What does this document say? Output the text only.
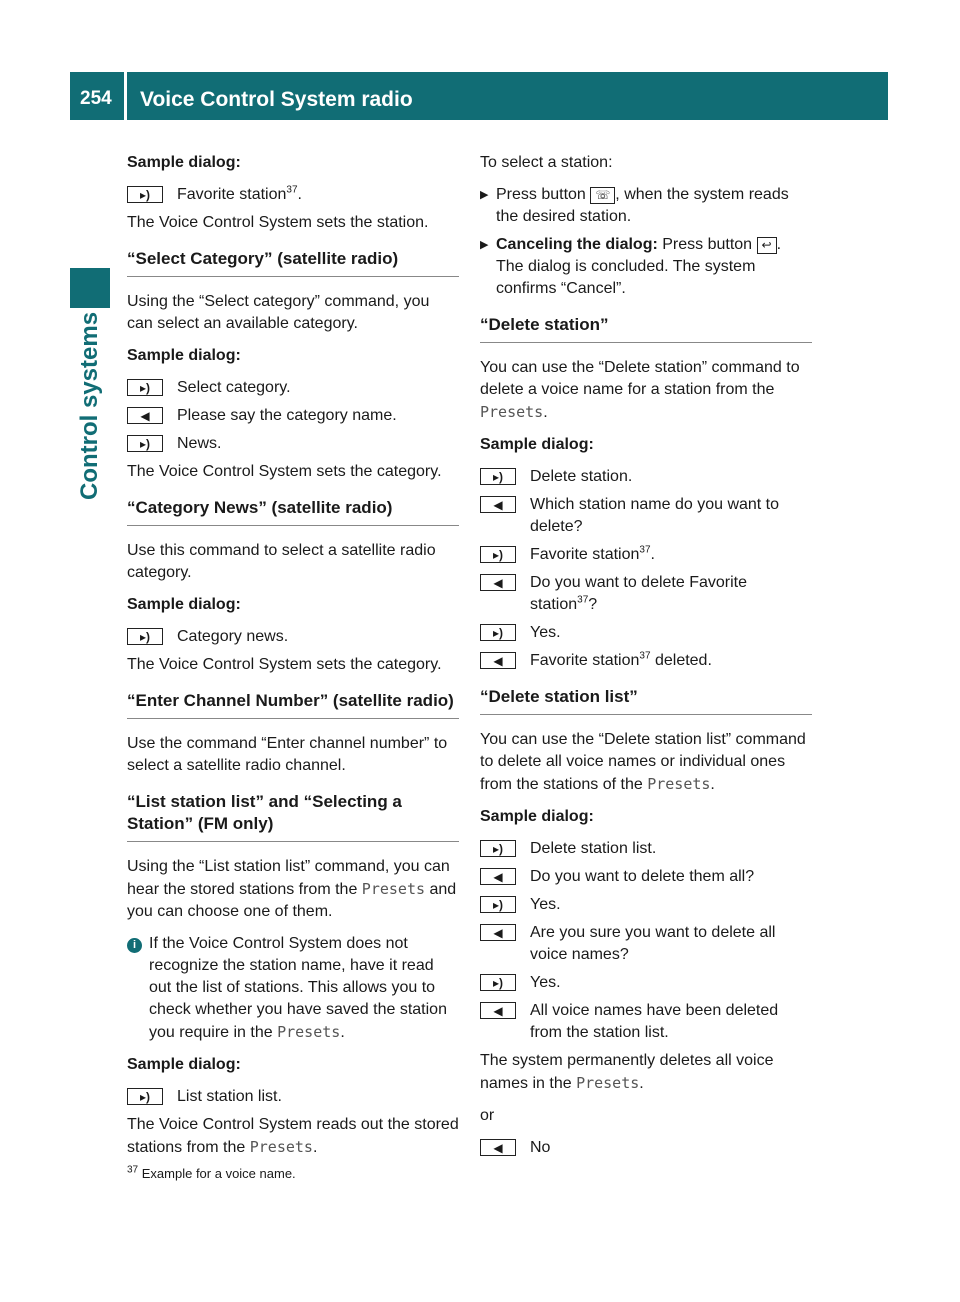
254 Voice Control System radio
Control systems

Sample dialog:

▸)	Favorite station$^{37}$.

The Voice Control System sets the station.

“Select Category” (satellite radio)

Using the “Select category” command, you can select an available category.

Sample dialog:

▸)	Select category.
◀	Please say the category name.
▸)	News.

The Voice Control System sets the category.

“Category News” (satellite radio)

Use this command to select a satellite radio category.

Sample dialog:

▸)	Category news.

The Voice Control System sets the category.

“Enter Channel Number” (satellite radio)

Use the command “Enter channel number” to select a satellite radio channel.

“List station list” and “Selecting a Station” (FM only)

Using the “List station list” command, you can hear the stored stations from the Presets and you can choose one of them.

i If the Voice Control System does not recognize the station name, have it read out the list of stations. This allows you to check whether you have saved the station you require in the Presets.

Sample dialog:

▸)	List station list.

The Voice Control System reads out the stored stations from the Presets.

To select a station:

▶ Press button ☏ , when the system reads the desired station.
▶ Canceling the dialog: Press button ↩ . The dialog is concluded. The system confirms “Cancel”.
“Delete station”

You can use the “Delete station” command to delete a voice name for a station from the Presets.

Sample dialog:

▸)	Delete station.
◀	Which station name do you want to delete?
▸)	Favorite station$^{37}$.
◀	Do you want to delete Favorite station$^{37}$?
▸)	Yes.
◀	Favorite station$^{37}$ deleted.
“Delete station list”

You can use the “Delete station list” command to delete all voice names or individual ones from the stations of the Presets.

Sample dialog:

▸)	Delete station list.
◀	Do you want to delete them all?
▸)	Yes.
◀	Are you sure you want to delete all voice names?
▸)	Yes.
◀	All voice names have been deleted from the station list.

The system permanently deletes all voice names in the Presets.

or

◀	No
$^{37}$ Example for a voice name.
